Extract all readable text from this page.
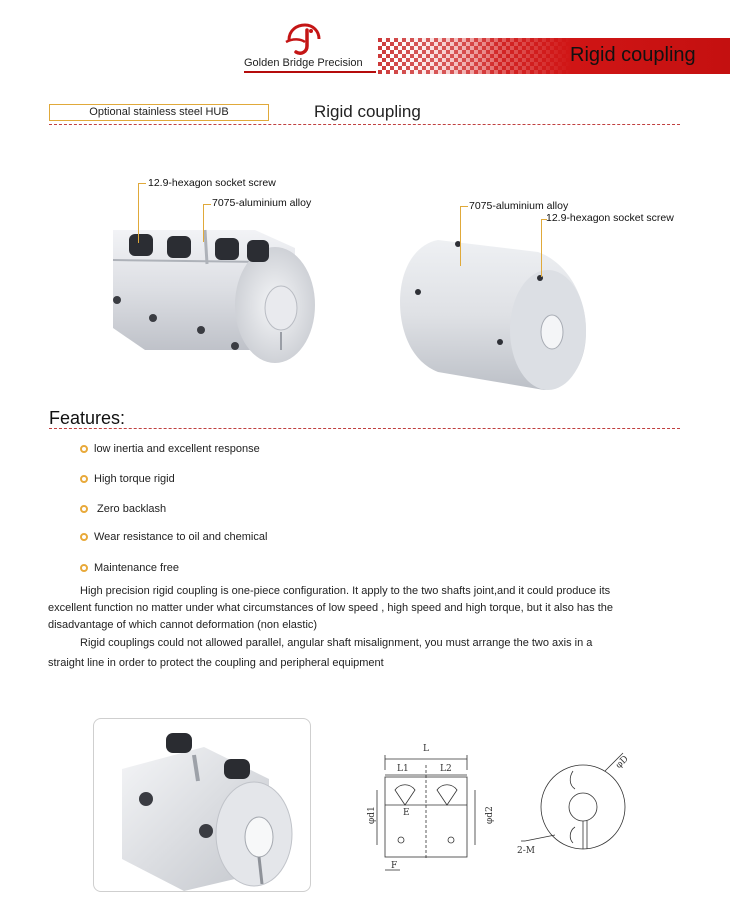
Golden Bridge Precision	Rigid coupling
Optional stainless steel HUB	Rigid coupling
12.9-hexagon socket screw
7075-aluminium alloy	7075-aluminium alloy
12.9-hexagon socket screw
Features:
low inertia and excellent response
High torque rigid
Zero backlash
Wear resistance to oil and chemical
Maintenance free
High precision rigid coupling is one-piece configuration. It apply to the two shafts joint,and it could produce its
excellent function no matter under what circumstances of low speed , high speed and high torque, but it also has the
disadvantage of which cannot deformation (non elastic)
Rigid couplings could not allowed parallel, angular shaft misalignment, you must arrange the two axis in a
straight line in order to protect the coupling and peripheral equipment
L
L1	L2
E
φd1	φd2
F
φD
2-M
